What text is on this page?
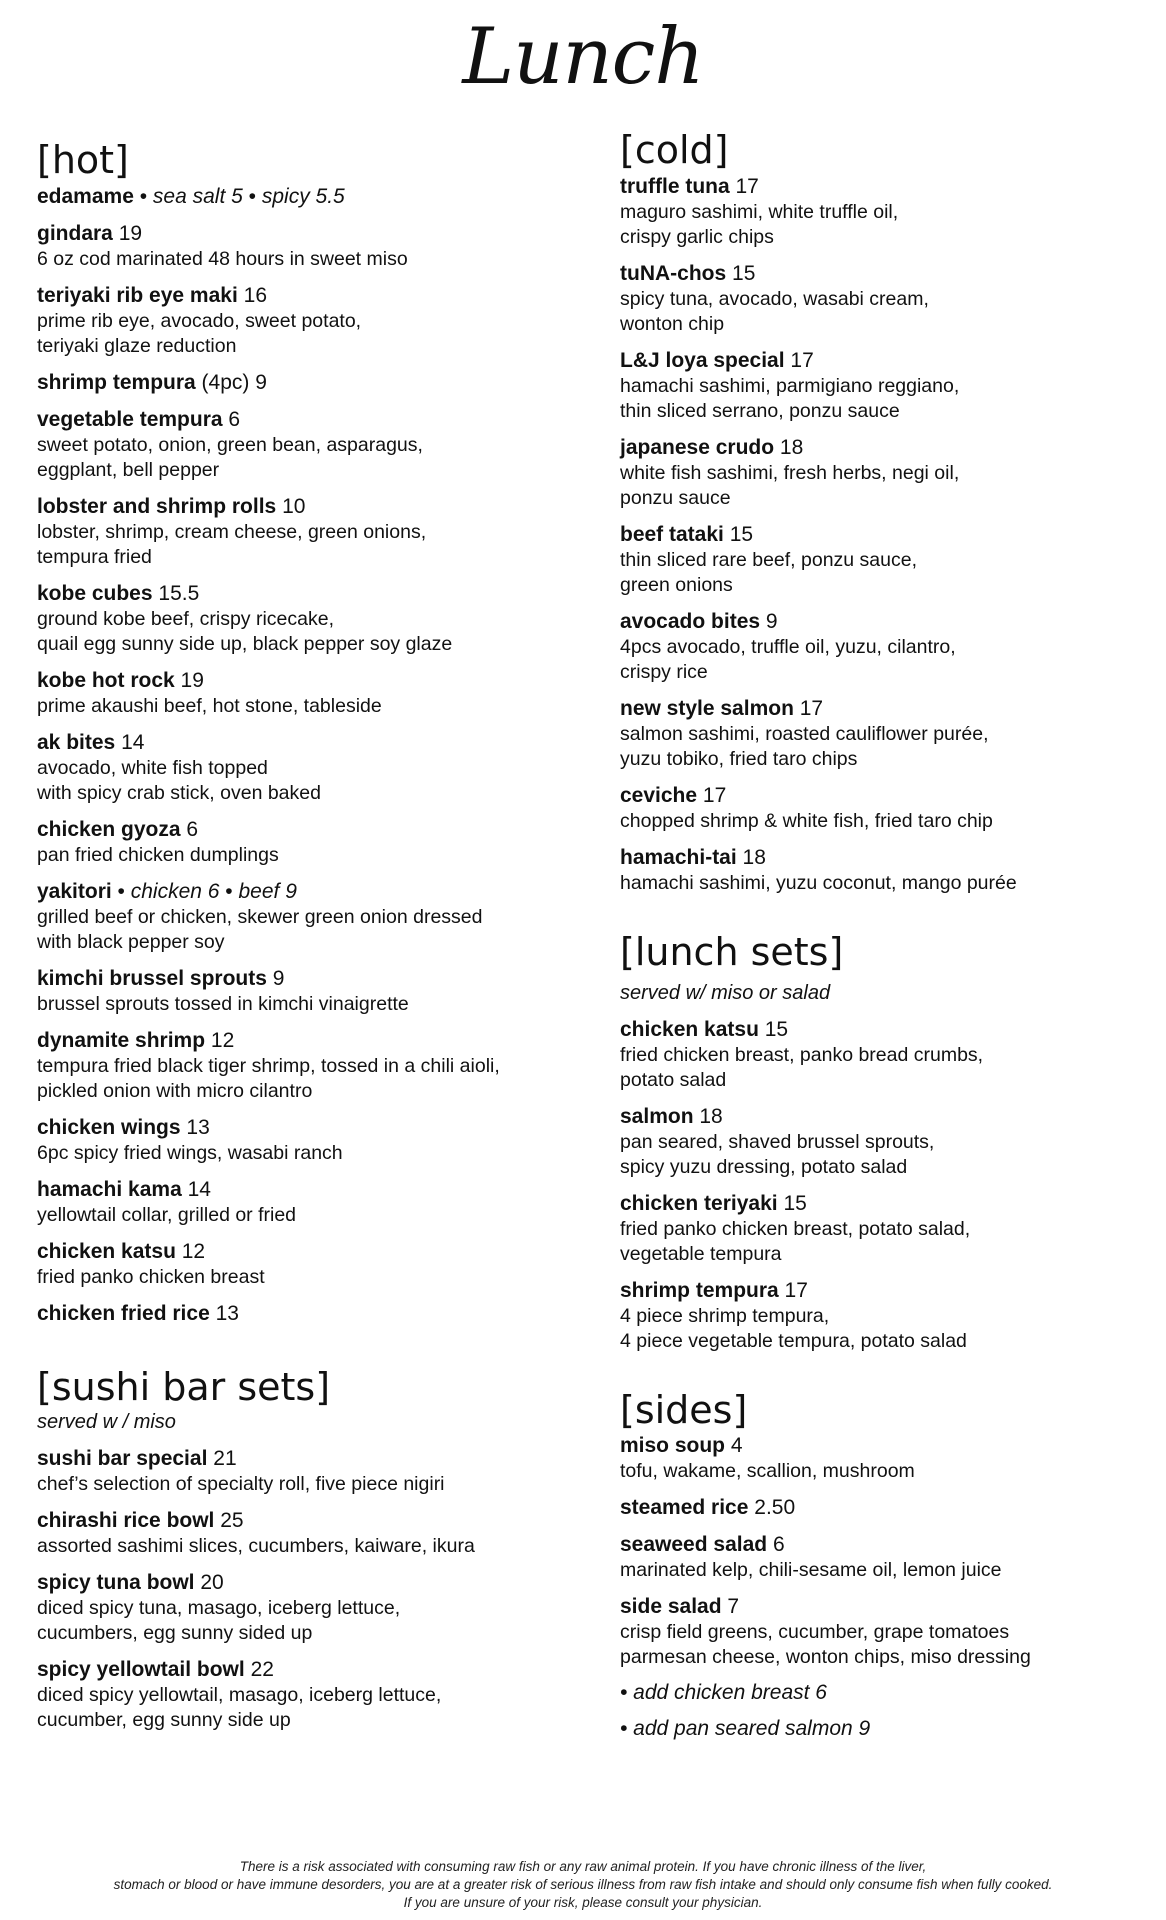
Lunch
[hot]
edamame • sea salt 5 • spicy 5.5
gindara 19
6 oz cod marinated 48 hours in sweet miso
teriyaki rib eye maki 16
prime rib eye, avocado, sweet potato,
teriyaki glaze reduction
shrimp tempura (4pc) 9
vegetable tempura 6
sweet potato, onion, green bean, asparagus,
eggplant, bell pepper
lobster and shrimp rolls 10
lobster, shrimp, cream cheese, green onions,
tempura fried
kobe cubes 15.5
ground kobe beef, crispy ricecake,
quail egg sunny side up, black pepper soy glaze
kobe hot rock 19
prime akaushi beef, hot stone, tableside
ak bites 14
avocado, white fish topped
with spicy crab stick, oven baked
chicken gyoza 6
pan fried chicken dumplings
yakitori • chicken 6 • beef 9
grilled beef or chicken, skewer green onion dressed
with black pepper soy
kimchi brussel sprouts 9
brussel sprouts tossed in kimchi vinaigrette
dynamite shrimp 12
tempura fried black tiger shrimp, tossed in a chili aioli,
pickled onion with micro cilantro
chicken wings 13
6pc spicy fried wings, wasabi ranch
hamachi kama 14
yellowtail collar, grilled or fried
chicken katsu 12
fried panko chicken breast
chicken fried rice 13
[sushi bar sets]
served w / miso
sushi bar special 21
chef’s selection of specialty roll, five piece nigiri
chirashi rice bowl 25
assorted sashimi slices, cucumbers, kaiware, ikura
spicy tuna bowl 20
diced spicy tuna, masago, iceberg lettuce,
cucumbers, egg sunny sided up
spicy yellowtail bowl 22
diced spicy yellowtail, masago, iceberg lettuce,
cucumber, egg sunny side up
[cold]
truffle tuna 17
maguro sashimi, white truffle oil,
crispy garlic chips
tuNA-chos 15
spicy tuna, avocado, wasabi cream,
wonton chip
L&J loya special 17
hamachi sashimi, parmigiano reggiano,
thin sliced serrano, ponzu sauce
japanese crudo 18
white fish sashimi, fresh herbs, negi oil,
ponzu sauce
beef tataki 15
thin sliced rare beef, ponzu sauce,
green onions
avocado bites 9
4pcs avocado, truffle oil, yuzu, cilantro,
crispy rice
new style salmon 17
salmon sashimi, roasted cauliflower purée,
yuzu tobiko, fried taro chips
ceviche 17
chopped shrimp & white fish, fried taro chip
hamachi-tai 18
hamachi sashimi, yuzu coconut, mango purée
[lunch sets]
served w/ miso or salad
chicken katsu 15
fried chicken breast, panko bread crumbs,
potato salad
salmon 18
pan seared, shaved brussel sprouts,
spicy yuzu dressing, potato salad
chicken teriyaki 15
fried panko chicken breast, potato salad,
vegetable tempura
shrimp tempura 17
4 piece shrimp tempura,
4 piece vegetable tempura, potato salad
[sides]
miso soup 4
tofu, wakame, scallion, mushroom
steamed rice 2.50
seaweed salad 6
marinated kelp, chili-sesame oil, lemon juice
side salad 7
crisp field greens, cucumber, grape tomatoes
parmesan cheese, wonton chips, miso dressing
• add chicken breast 6
• add pan seared salmon 9
There is a risk associated with consuming raw fish or any raw animal protein. If you have chronic illness of the liver,
stomach or blood or have immune desorders, you are at a greater risk of serious illness from raw fish intake and should only consume fish when fully cooked.
If you are unsure of your risk, please consult your physician.
